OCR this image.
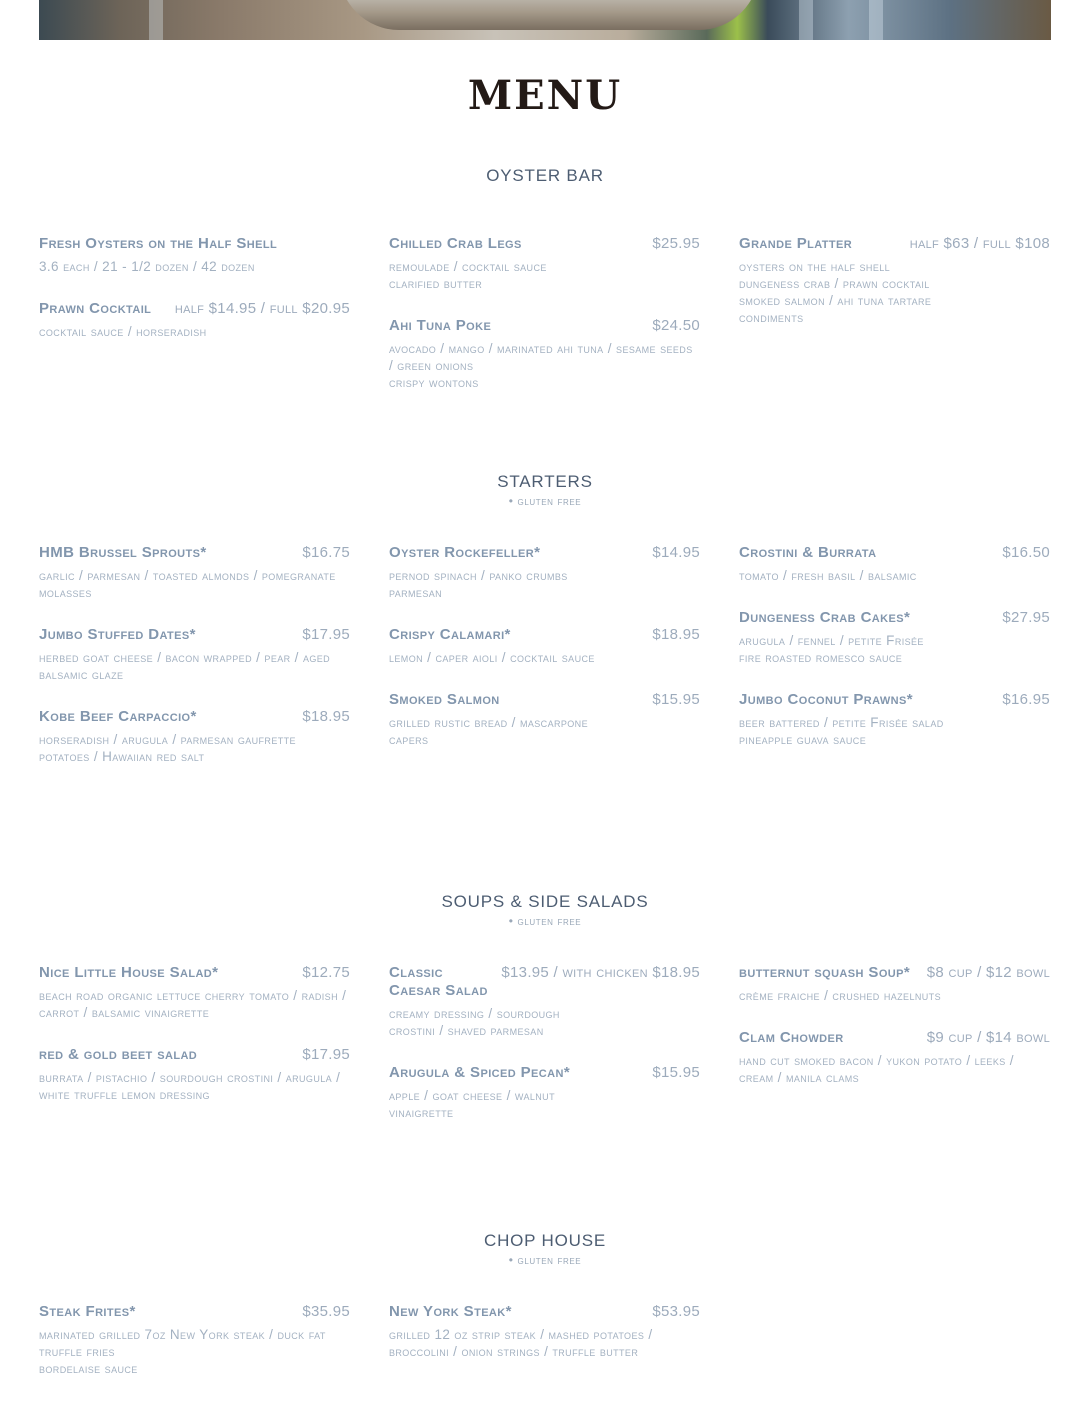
MENU
OYSTER BAR
Fresh Oysters on the Half Shell
3.6 each / 21 - 1/2 dozen / 42 dozen
Prawn Cocktail half $14.95 / full $20.95
cocktail sauce / horseradish
Chilled Crab Legs	$25.95
remoulade / cocktail sauce
clarified butter
Ahi Tuna Poke	$24.50
avocado / mango / marinated ahi tuna / sesame seeds / green onions
crispy wontons
Grande Platter	half $63 / full $108
oysters on the half shell
dungeness crab / prawn cocktail
smoked salmon / ahi tuna tartare
condiments
STARTERS
• gluten free
HMB Brussel Sprouts*	$16.75
garlic / parmesan / toasted almonds / pomegranate molasses
Jumbo Stuffed Dates*	$17.95
herbed goat cheese / bacon wrapped / pear / aged balsamic glaze
Kobe Beef Carpaccio*	$18.95
horseradish / arugula / parmesan gaufrette potatoes / Hawaiian red salt
Oyster Rockefeller*	$14.95
pernod spinach / panko crumbs
parmesan
Crispy Calamari*	$18.95
lemon / caper aioli / cocktail sauce
Smoked Salmon	$15.95
grilled rustic bread / mascarpone
capers
Crostini & Burrata	$16.50
tomato / fresh basil / balsamic
Dungeness Crab Cakes*	$27.95
arugula / fennel / petite Frisée
fire roasted romesco sauce
Jumbo Coconut Prawns*	$16.95
beer battered / petite Frisée salad
pineapple guava sauce
SOUPS & SIDE SALADS
• gluten free
Nice Little House Salad*	$12.75
beach road organic lettuce cherry tomato / radish / carrot / balsamic vinaigrette
red & gold beet salad	$17.95
burrata / pistachio / sourdough crostini / arugula / white truffle lemon dressing
Classic Caesar Salad
$13.95 / with chicken $18.95
creamy dressing / sourdough
crostini / shaved parmesan
Arugula & Spiced Pecan*	$15.95
apple / goat cheese / walnut
vinaigrette
butternut squash Soup* $8 cup / $12 bowl
crème fraiche / crushed hazelnuts
Clam Chowder	$9 cup / $14 bowl
hand cut smoked bacon / yukon potato / leeks / cream / manila clams
CHOP HOUSE
• gluten free
Steak Frites*	$35.95
marinated grilled 7oz New York steak / duck fat truffle fries
bordelaise sauce
New York Steak*	$53.95
grilled 12 oz strip steak / mashed potatoes / broccolini / onion strings / truffle butter
